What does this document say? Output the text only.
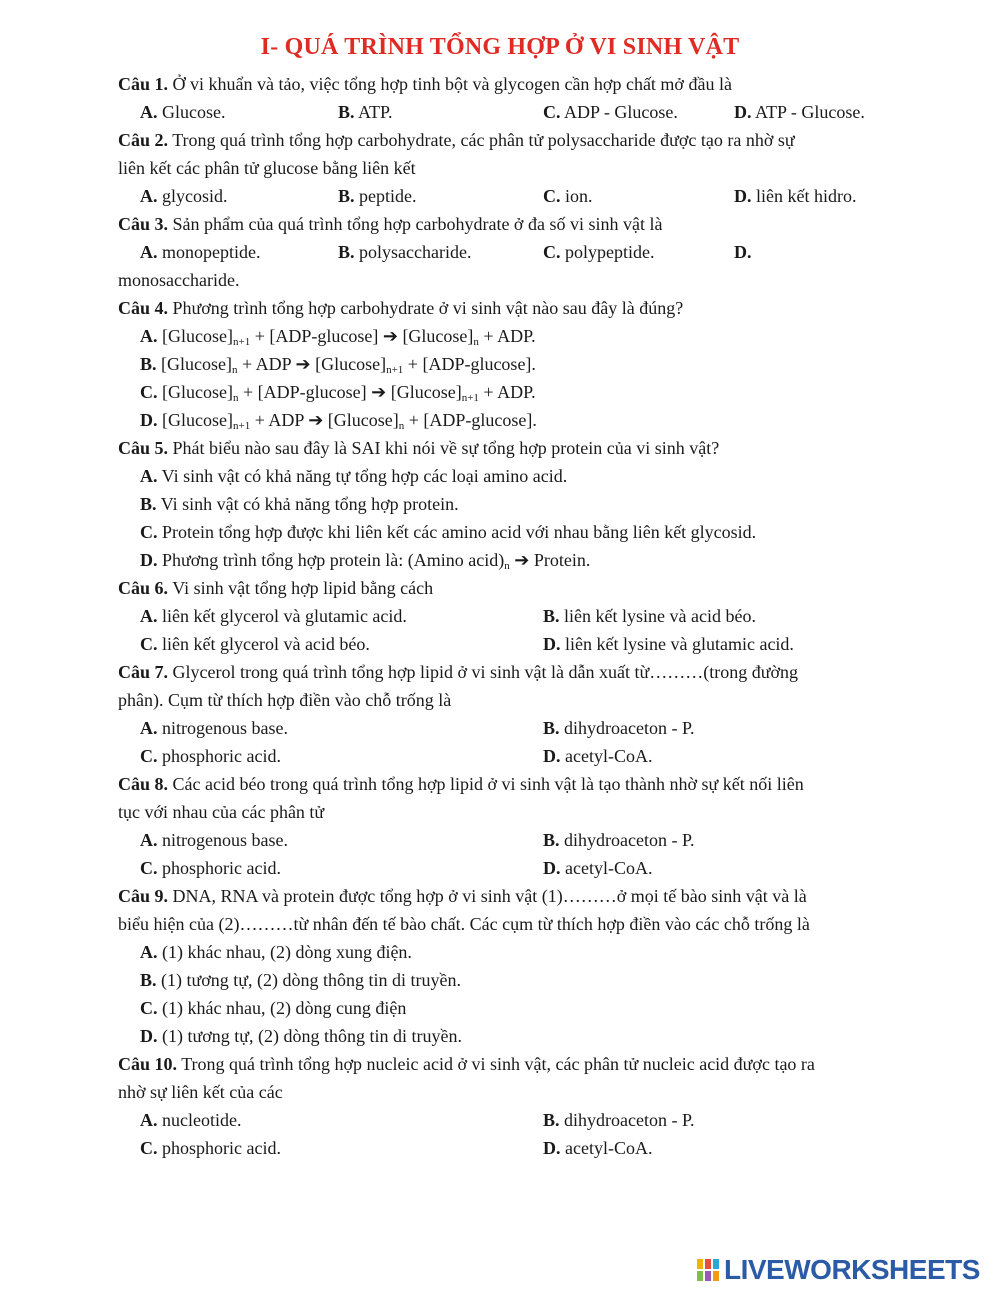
I- QUÁ TRÌNH TỔNG HỢP Ở VI SINH VẬT
Câu 1. Ở vi khuẩn và tảo, việc tổng hợp tinh bột và glycogen cần hợp chất mở đầu là
A. Glucose.	B. ATP.	C. ADP - Glucose.	D. ATP - Glucose.
Câu 2. Trong quá trình tổng hợp carbohydrate, các phân tử polysaccharide được tạo ra nhờ sự
liên kết các phân tử glucose bằng liên kết
A. glycosid.	B. peptide.	C. ion.	D. liên kết hidro.
Câu 3. Sản phẩm của quá trình tổng hợp carbohydrate ở đa số vi sinh vật là
A. monopeptide.	B. polysaccharide.	C. polypeptide.	D.
monosaccharide.
Câu 4. Phương trình tổng hợp carbohydrate ở vi sinh vật nào sau đây là đúng?
A. $[Glucose]_{n+1} + [ADP-glucose]$ ➔ $[Glucose]_n$ + ADP.
B. $[Glucose]_n$ + ADP ➔ $[Glucose]_{n+1} + [ADP-glucose]$.
C. $[Glucose]_n + [ADP-glucose]$ ➔ $[Glucose]_{n+1}$ + ADP.
D. $[Glucose]_{n+1}$ + ADP ➔ $[Glucose]_n + [ADP-glucose]$.
Câu 5. Phát biểu nào sau đây là SAI khi nói về sự tổng hợp protein của vi sinh vật?
A. Vi sinh vật có khả năng tự tổng hợp các loại amino acid.
B. Vi sinh vật có khả năng tổng hợp protein.
C. Protein tổng hợp được khi liên kết các amino acid với nhau bằng liên kết glycosid.
D. Phương trình tổng hợp protein là: (Amino $acid)_n$ ➔ Protein.
Câu 6. Vi sinh vật tổng hợp lipid bằng cách
A. liên kết glycerol và glutamic acid.	B. liên kết lysine và acid béo.
C. liên kết glycerol và acid béo.	D. liên kết lysine và glutamic acid.
Câu 7. Glycerol trong quá trình tổng hợp lipid ở vi sinh vật là dẫn xuất từ………(trong đường
phân). Cụm từ thích hợp điền vào chỗ trống là
A. nitrogenous base.	B. dihydroaceton - P.
C. phosphoric acid.	D. acetyl-CoA.
Câu 8. Các acid béo trong quá trình tổng hợp lipid ở vi sinh vật là tạo thành nhờ sự kết nối liên
tục với nhau của các phân tử
A. nitrogenous base.	B. dihydroaceton - P.
C. phosphoric acid.	D. acetyl-CoA.
Câu 9. DNA, RNA và protein được tổng hợp ở vi sinh vật (1)………ở mọi tế bào sinh vật và là
biểu hiện của (2)………từ nhân đến tế bào chất. Các cụm từ thích hợp điền vào các chỗ trống là
A. (1) khác nhau, (2) dòng xung điện.
B. (1) tương tự, (2) dòng thông tin di truyền.
C. (1) khác nhau, (2) dòng cung điện
D. (1) tương tự, (2) dòng thông tin di truyền.
Câu 10. Trong quá trình tổng hợp nucleic acid ở vi sinh vật, các phân tử nucleic acid được tạo ra
nhờ sự liên kết của các
A. nucleotide.	B. dihydroaceton - P.
C. phosphoric acid.	D. acetyl-CoA.
LIVEWORKSHEETS
